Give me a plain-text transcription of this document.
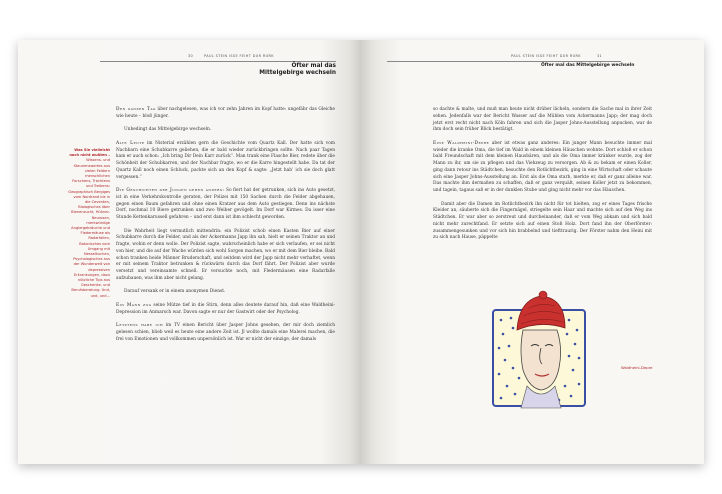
30	PAUL STEIN ISSE FEIHT DUR RURK
Öfter mal das
Mittelgebirge wechseln
Was Sie vielleicht noch nicht wußten – Wissens- und Staunenswertes aus vielen Feldern menschlichen Forschens, Trachtens und Treibens: Geographisch Bergiges vom Nordrand bis in die Ceventen, Biologisches über Bienenzucht, Hühner-Neurosen, merkwürdige Anglergebräuche und Fledermäuse als Radarfallen, Botanisches vom Umgang mit Nesselkuchen, Psychologisches aus der Wunderwelt von depressiven Erkrankungen, dazu nützliche Tips aus Geschenke- und Berufsberatung. Und, und, und...

Den ganzen Tag über nachgelesen, was ich vor zehn Jahren im Kopf hatte: ungefähr das Gleiche wie heute – bloß jünger.

Unbedingt das Mittelgebirge wechseln.

Alte Leute im Nisterial erzählen gern die Geschichte vom Quartz Kall. Der hatte sich vom Nachbarn eine Schubkarre geliehen, die er bald wieder zurückbringen sollte. Nach paar Tagen kam er auch schon: „Ich bring Dir Dein Karr zurück“. Man trank eine Flasche Bier, redete über die Schönheit der Schubkarren, und der Nachbar fragte, wo er die Karre hingestellt habe. Da tat der Quartz Kall noch einen Schluck, packte sich an den Kopf & sagte: „Jetzt hab’ ich sie doch glatt vergessen.“

Die Geschichten der Jungen gehen anders: So fiert hat der getrunken, sich ins Auto gesetzt, ist in eine Verkehrskontrolle geraten, der Polizei mit 150 Sachen durch die Felder abgehauen, gegen einen Baum gefahren und ohne einen Kratzer aus dem Auto gestiegen. Denn ins nächste Dorf, nochmal 10 Biere getrunken und zwo Weiber gevögelt. Im Dorf war Kirmes. Da isser eine Stunde Kettenkarussell gefahren – und erst dann ist ihm schlecht geworden.

Die Wahrheit liegt vermutlich mittendrin: ein Polizist schob einen Kasten Bier auf einer Schubkarre durch die Felder, und als der Ackermanns Japp ihn sah, hielt er seinen Traktor an und fragte, wohin er denn wolle. Der Polizist sagte, wahrscheinlich habe er sich verlaufen, er sei nicht von hier, und die auf der Wache würden sich wohl Sorgen machen, wo er mit dem Bier bleibe. Bald schon tranken beide Männer Bruderschaft, und seitdem wird der Japp nicht mehr verhaftet, wenn er mit seinem Traktor betrunken & rückwärts durch das Dorf fährt. Der Polizist aber wurde versetzt und vereinsamte schnell. Er versuchte noch, mit Fledermäusen eine Radarfalle aufzubauen, was ihm aber nicht gelang.

Darauf versank er in einem anonymen Dienst.

Ein Mann zog seine Mütze tief in die Stirn, denn alles deutete darauf hin, daß eine Waldheini-Depression im Anmarsch war. Davon sagte er nur der Gastwirt oder der Psycholog.

Letztens habe ich im TV einen Bericht über Jasper Johns gesehen, der mir doch ziemlich gelesen schien, blieb weil es heute eine andere Zeit ist. Jl wollte damals eine Malerei machen, die frei von Emotionen und vollkommen unpersönlich ist. War er nicht der einzige, der damals

PAUL STEIN ISSE FEIHT DUR RURK	31
Öfter mal das Mittelgebirge wechseln

so dachte & malte, und muß man heute nicht drüber lächeln, sondern die Sache mal in ihrer Zeit sehen. Jedenfalls war der Bericht Wasser auf die Mühlen vom Ackermanns Japp; der mag doch jetzt erst recht nicht nach Köln fahren und sich die Jasper Johns-Ausstellung anpucken, war de ihm doch sein früher Blick bestätigt.

Eine Waldheini-Depre aber ist etwas ganz anderes: Ein junger Mann besuchte immer mal wieder die kranke Oma, die tief im Wald in einem kleinen Häuschen wohnte. Dort schloß er schon bald Freundschaft mit dem kleinen Hausbären, und als die Oma immer kränker wurde, zog der Mann zu ihr, um sie zu pflegen und das Viehzeug zu versorgen. Ab & zu bekam er einen Koller, ging dann retour ins Städtchen, besuchte den Rotlichtbezirk, ging in eine Wirtschaft oder schaute sich eine Jasper Johns-Ausstellung an. Erst als die Oma starb, merkte er, daß er ganz alleine war. Das machte ihm dermaßen zu schaffen, daß er ganz verquält, seinen Koller jetzt zu bekommen, und tagein, tagaus saß er in der dunklen Stube und ging nicht mehr vor das Häuschen.

Damit aber die Damen im Rotlichtbezirk ihn nicht für tot hielten, zog er eines Tages frische Kleider an, säuberte sich die Fingernägel, striegelte sein Haar und machte sich auf den Weg ins Städtchen. Er war aber so zerstreut und durcheinander, daß er vom Weg abkam und sich bald nicht mehr zurechtfand. Er setzte sich auf einen Stoß Holz. Dort fand ihn der Oberförster: zusammengesunken und vor sich hin brabbelnd und tiefttraurig. Der Förster nahm den Heini mit zu sich nach Hause, päppelte

Waldheini-Depre
